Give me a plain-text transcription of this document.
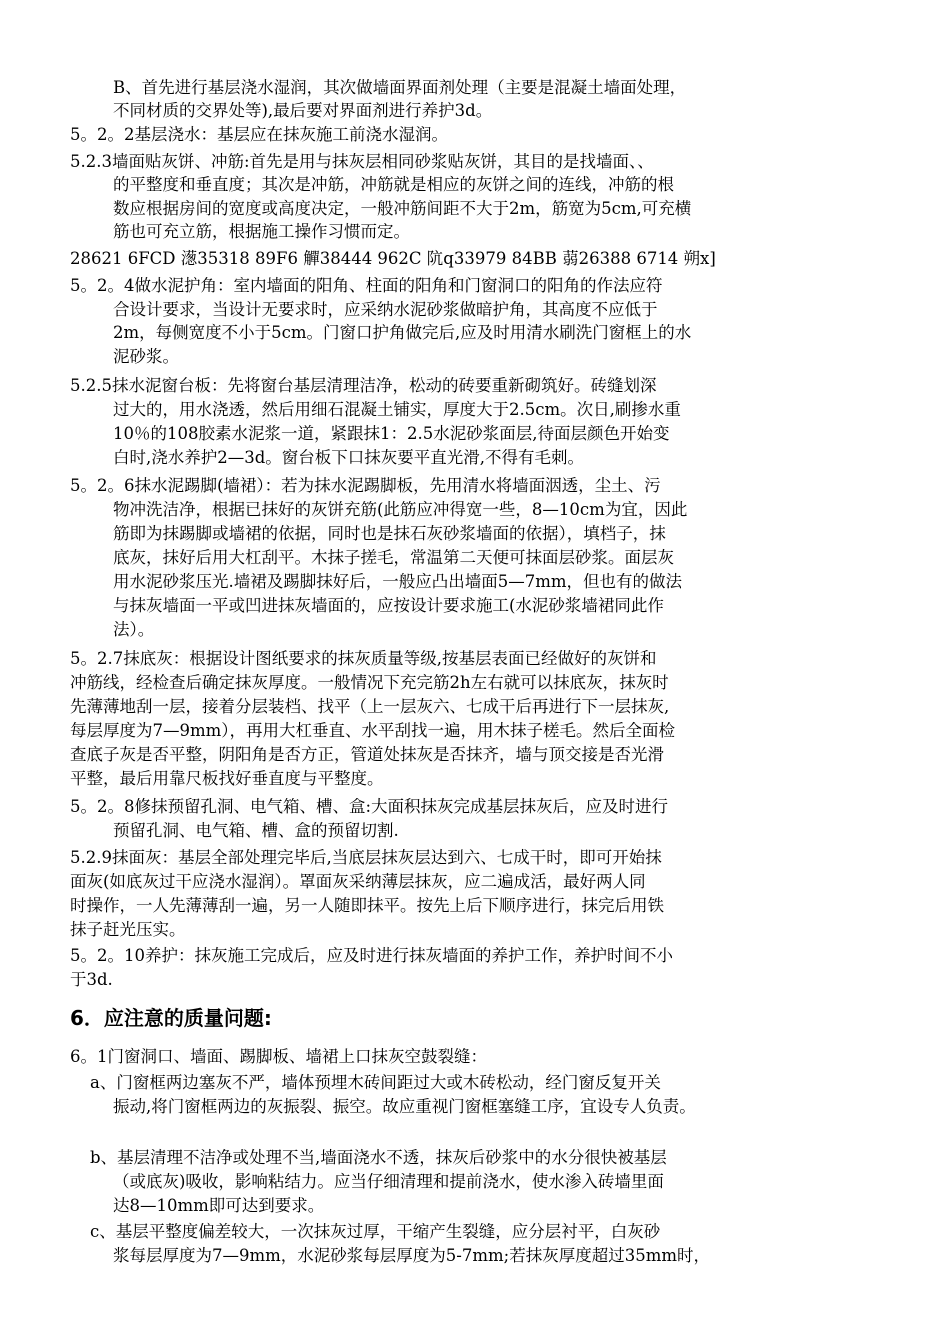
B、首先进行基层浇水湿润，其次做墙面界面剂处理（主要是混凝土墙面处理，
不同材质的交界处等),最后要对界面剂进行养护3d。
5。2。2基层浇水：基层应在抹灰施工前浇水湿润。
5.2.3墙面贴灰饼、冲筋:首先是用与抹灰层相同砂浆贴灰饼，其目的是找墙面、、
的平整度和垂直度；其次是冲筋，冲筋就是相应的灰饼之间的连线，冲筋的根
数应根据房间的宽度或高度决定，一般冲筋间距不大于2m，筋宽为5cm,可充横
筋也可充立筋，根据施工操作习惯而定。
28621 6FCD 濍35318 89F6 觶38444 962C 阬q33979 84BB 蒻26388 6714 朔x]
5。2。4做水泥护角：室内墙面的阳角、柱面的阳角和门窗洞口的阳角的作法应符
合设计要求，当设计无要求时，应采纳水泥砂浆做暗护角，其高度不应低于
2m，每侧宽度不小于5cm。门窗口护角做完后,应及时用清水刷洗门窗框上的水
泥砂浆。
5.2.5抹水泥窗台板：先将窗台基层清理洁净，松动的砖要重新砌筑好。砖缝划深
过大的，用水浇透，然后用细石混凝土铺实，厚度大于2.5cm。次日,刷掺水重
10％的108胶素水泥浆一道，紧跟抹1：2.5水泥砂浆面层,待面层颜色开始变
白时,浇水养护2—3d。窗台板下口抹灰要平直光滑,不得有毛刺。
5。2。6抹水泥踢脚(墙裙）：若为抹水泥踢脚板，先用清水将墙面洇透，尘土、污
物冲洗洁净，根据已抹好的灰饼充筋(此筋应冲得宽一些，8—10cm为宜，因此
筋即为抹踢脚或墙裙的依据，同时也是抹石灰砂浆墙面的依据），填档子，抹
底灰，抹好后用大杠刮平。木抹子搓毛，常温第二天便可抹面层砂浆。面层灰
用水泥砂浆压光.墙裙及踢脚抹好后，一般应凸出墙面5—7mm，但也有的做法
与抹灰墙面一平或凹进抹灰墙面的，应按设计要求施工(水泥砂浆墙裙同此作
法）。
5。2.7抹底灰：根据设计图纸要求的抹灰质量等级,按基层表面已经做好的灰饼和
冲筋线，经检查后确定抹灰厚度。一般情况下充完筋2h左右就可以抹底灰，抹灰时
先薄薄地刮一层，接着分层装档、找平（上一层灰六、七成干后再进行下一层抹灰,
每层厚度为7—9mm），再用大杠垂直、水平刮找一遍，用木抹子槎毛。然后全面检
查底子灰是否平整，阴阳角是否方正，管道处抹灰是否抹齐，墙与顶交接是否光滑
平整，最后用靠尺板找好垂直度与平整度。
5。2。8修抹预留孔洞、电气箱、槽、盒:大面积抹灰完成基层抹灰后，应及时进行
预留孔洞、电气箱、槽、盒的预留切割.
5.2.9抹面灰：基层全部处理完毕后,当底层抹灰层达到六、七成干时，即可开始抹
面灰(如底灰过干应浇水湿润）。罩面灰采纳薄层抹灰，应二遍成活，最好两人同
时操作，一人先薄薄刮一遍，另一人随即抹平。按先上后下顺序进行，抹完后用铁
抹子赶光压实。
5。2。10养护：抹灰施工完成后，应及时进行抹灰墙面的养护工作，养护时间不小
于3d.
6．应注意的质量问题:
6。1门窗洞口、墙面、踢脚板、墙裙上口抹灰空鼓裂缝：
a、门窗框两边塞灰不严，墙体预埋木砖间距过大或木砖松动，经门窗反复开关
振动,将门窗框两边的灰振裂、振空。故应重视门窗框塞缝工序，宜设专人负责。
b、基层清理不洁净或处理不当,墙面浇水不透，抹灰后砂浆中的水分很快被基层
（或底灰)吸收，影响粘结力。应当仔细清理和提前浇水，使水渗入砖墙里面
达8—10mm即可达到要求。
c、基层平整度偏差较大，一次抹灰过厚，干缩产生裂缝，应分层衬平，白灰砂
浆每层厚度为7—9mm，水泥砂浆每层厚度为5-7mm;若抹灰厚度超过35mm时，
